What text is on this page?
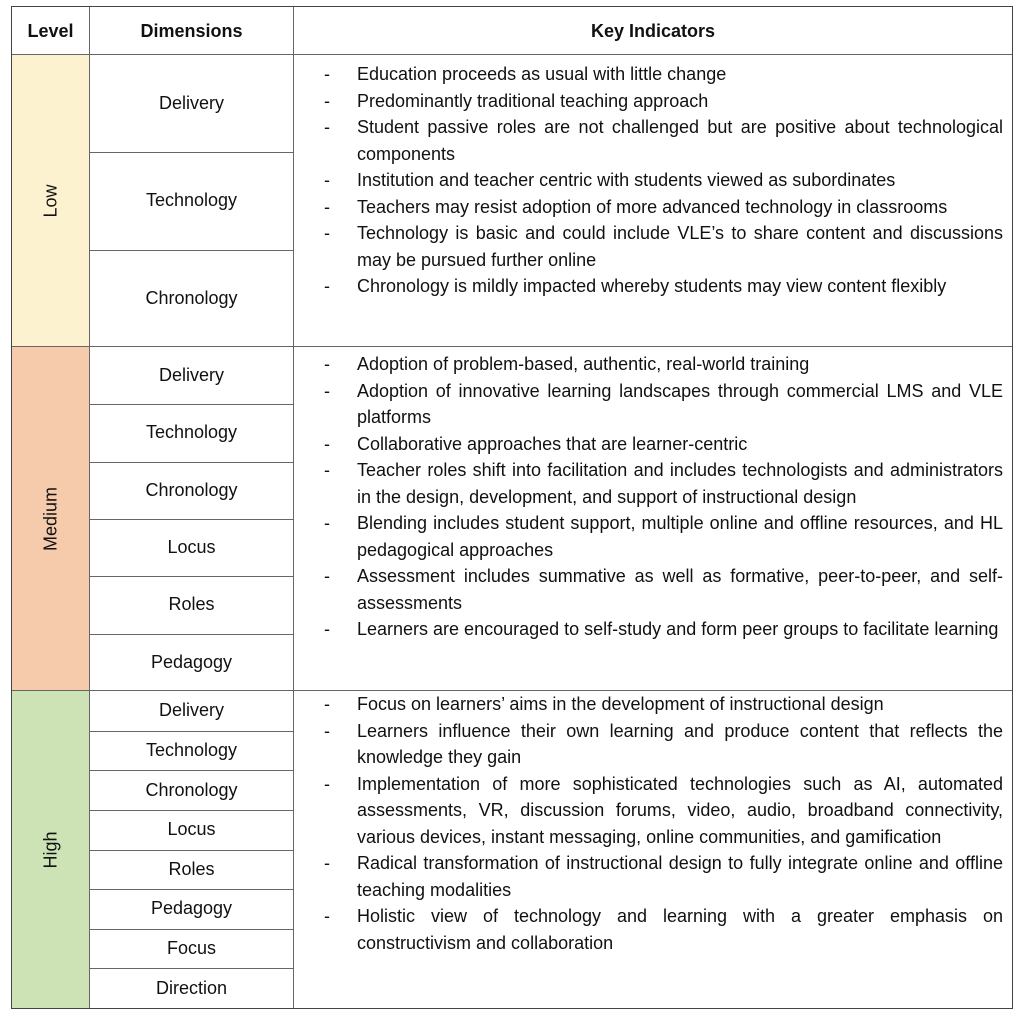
Level	Dimensions	Key Indicators
Low
Delivery
Technology
Chronology
- Education proceeds as usual with little change
- Predominantly traditional teaching approach
- Student passive roles are not challenged but are positive about technological components
- Institution and teacher centric with students viewed as subordinates
- Teachers may resist adoption of more advanced technology in classrooms
- Technology is basic and could include VLE’s to share content and discussions may be pursued further online
- Chronology is mildly impacted whereby students may view content flexibly
Medium
Delivery
Technology
Chronology
Locus
Roles
Pedagogy
- Adoption of problem-based, authentic, real-world training
- Adoption of innovative learning landscapes through commercial LMS and VLE platforms
- Collaborative approaches that are learner-centric
- Teacher roles shift into facilitation and includes technologists and administrators in the design, development, and support of instructional design
- Blending includes student support, multiple online and offline resources, and HL pedagogical approaches
- Assessment includes summative as well as formative, peer-to-peer, and self-assessments
- Learners are encouraged to self-study and form peer groups to facilitate learning
High
Delivery
Technology
Chronology
Locus
Roles
Pedagogy
Focus
Direction
- Focus on learners’ aims in the development of instructional design
- Learners influence their own learning and produce content that reflects the knowledge they gain
- Implementation of more sophisticated technologies such as AI, automated assessments, VR, discussion forums, video, audio, broadband connectivity, various devices, instant messaging, online communities, and gamification
- Radical transformation of instructional design to fully integrate online and offline teaching modalities
- Holistic view of technology and learning with a greater emphasis on constructivism and collaboration
